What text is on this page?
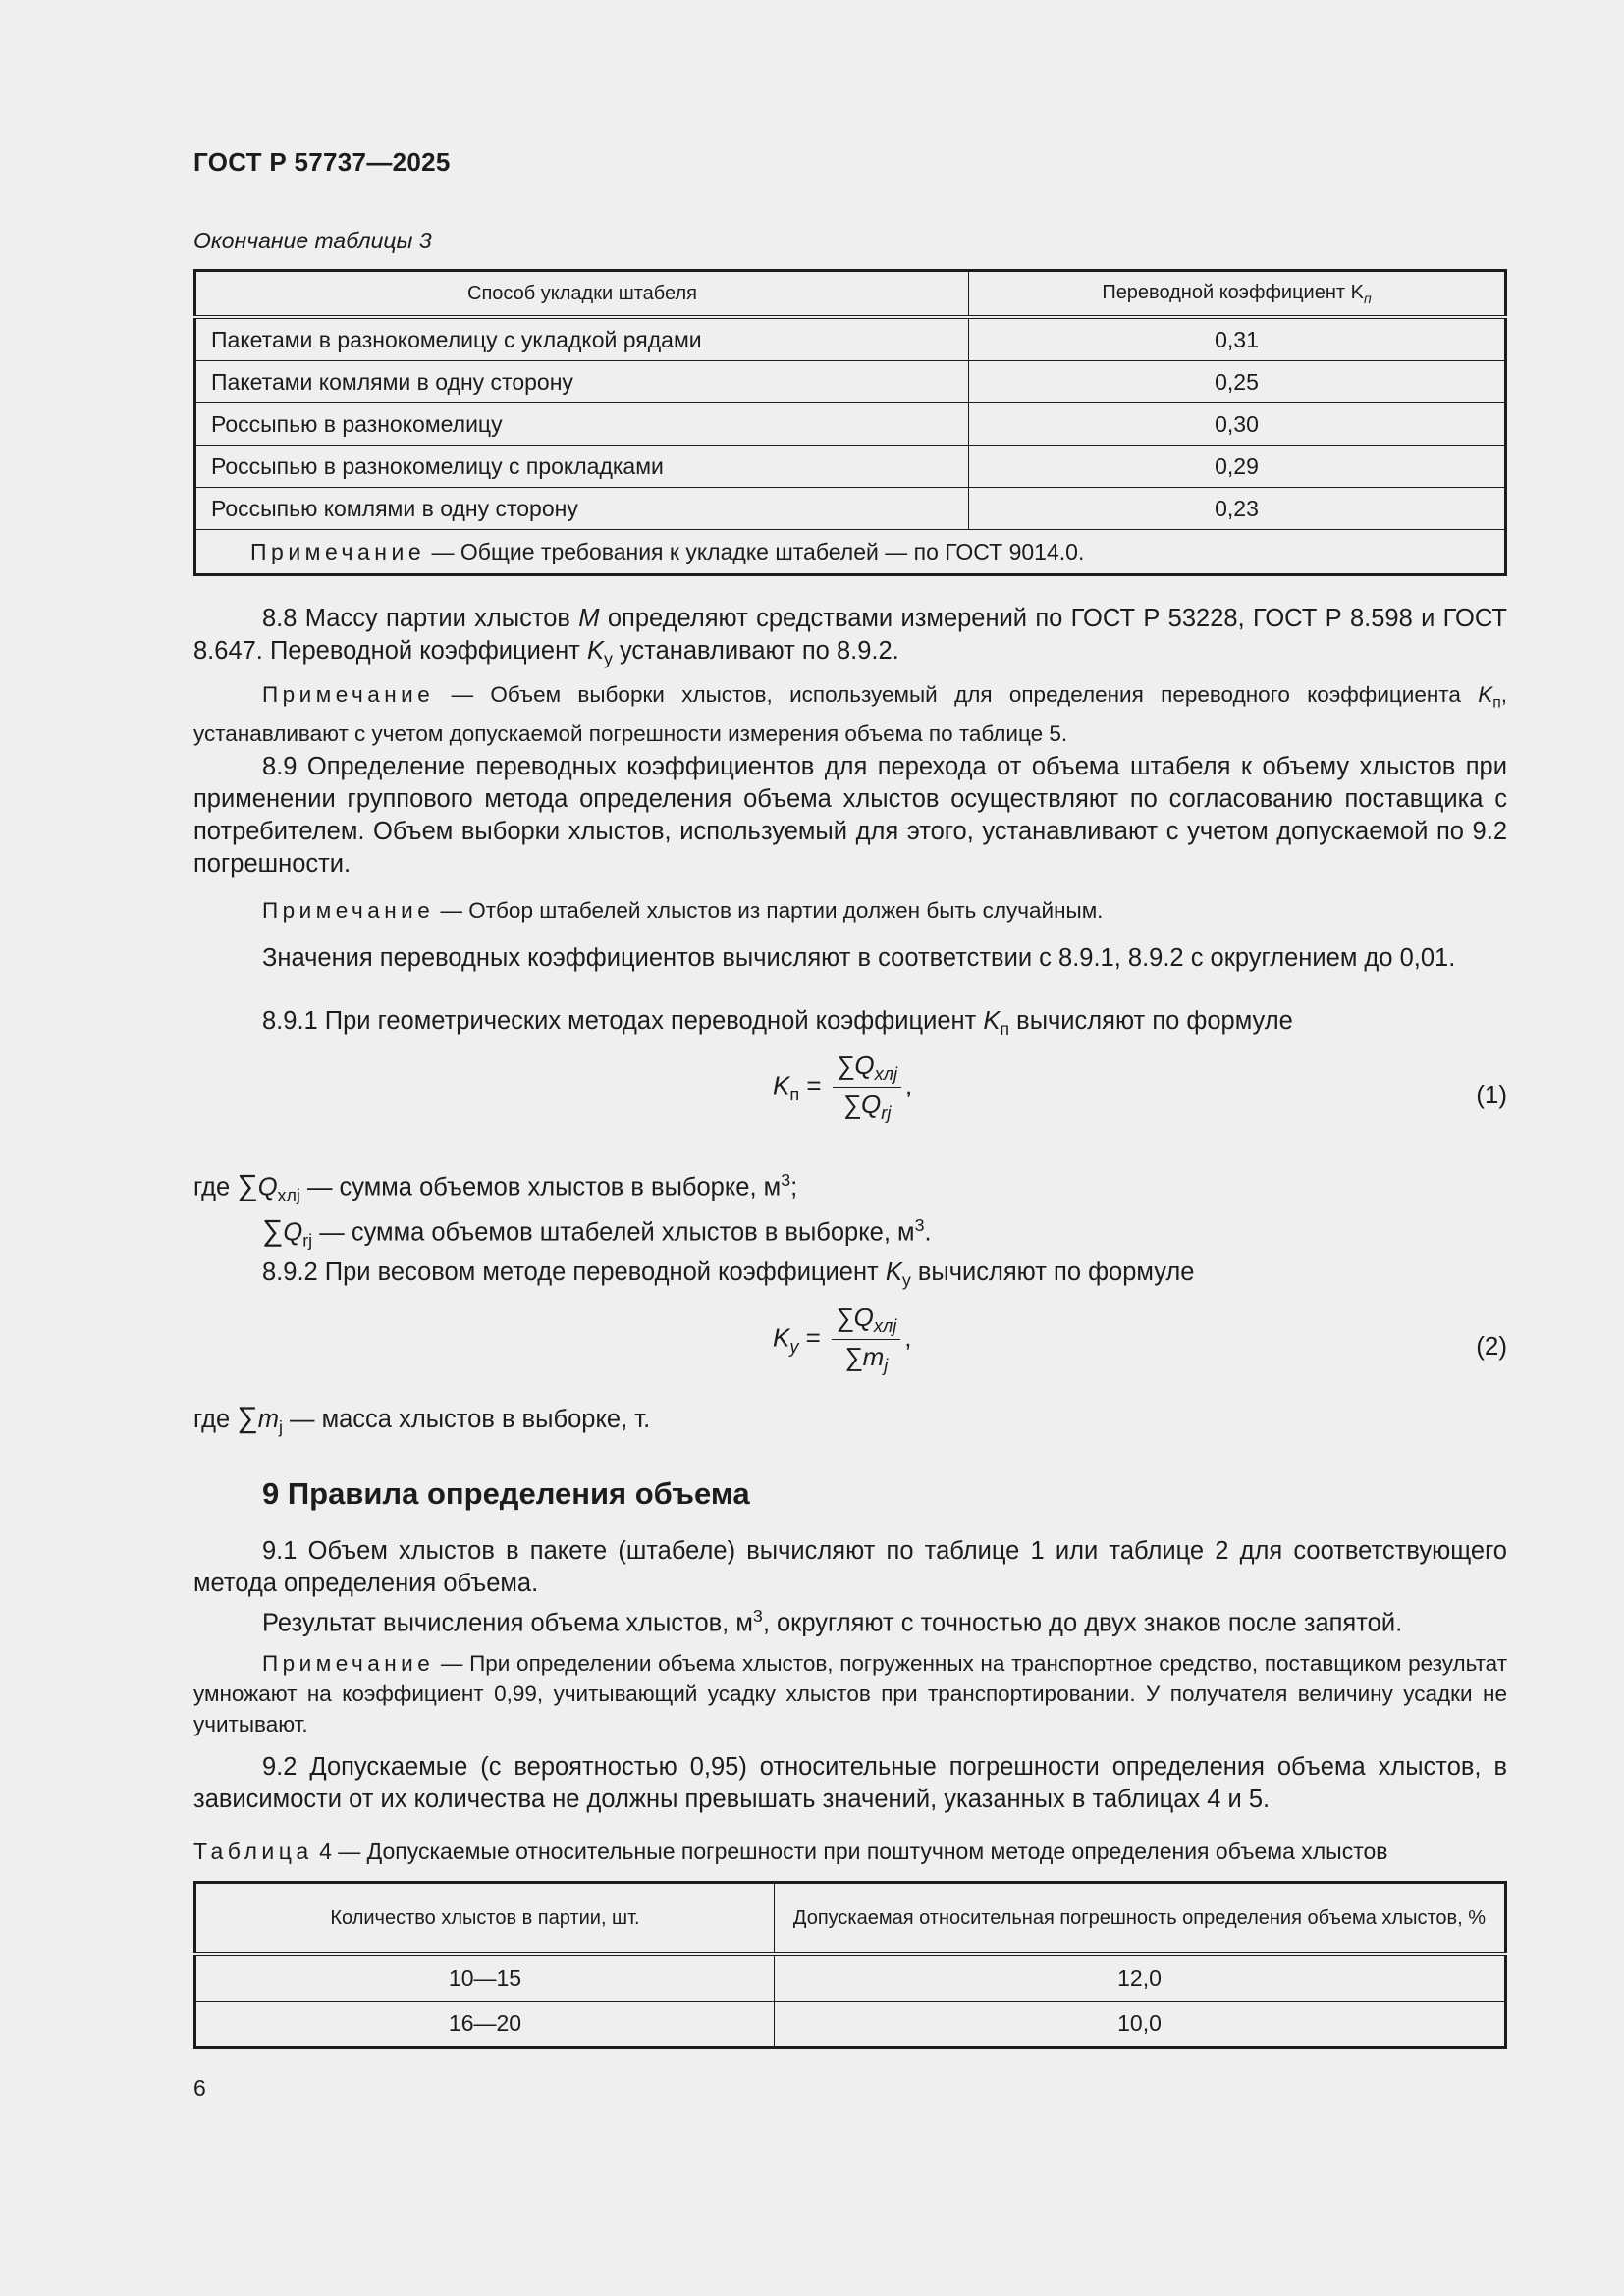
ГОСТ Р 57737—2025
Окончание таблицы 3
Способ укладки штабеля	Переводной коэффициент $K_п$
Пакетами в разнокомелицу с укладкой рядами	0,31
Пакетами комлями в одну сторону	0,25
Россыпью в разнокомелицу	0,30
Россыпью в разнокомелицу с прокладками	0,29
Россыпью комлями в одну сторону	0,23
Примечание — Общие требования к укладке штабелей — по ГОСТ 9014.0.	
8.8 Массу партии хлыстов M определяют средствами измерений по ГОСТ Р 53228, ГОСТ Р 8.598 и ГОСТ 8.647. Переводной коэффициент $K_y$ устанавливают по 8.9.2.
Примечание — Объем выборки хлыстов, используемый для определения переводного коэффициента $K_п$, устанавливают с учетом допускаемой погрешности измерения объема по таблице 5.
8.9 Определение переводных коэффициентов для перехода от объема штабеля к объему хлыстов при применении группового метода определения объема хлыстов осуществляют по согласованию поставщика с потребителем. Объем выборки хлыстов, используемый для этого, устанавливают с учетом допускаемой по 9.2 погрешности.
Примечание — Отбор штабелей хлыстов из партии должен быть случайным.
Значения переводных коэффициентов вычисляют в соответствии с 8.9.1, 8.9.2 с округлением до 0,01.
8.9.1 При геометрических методах переводной коэффициент $K_п$ вычисляют по формуле
$K_п = \frac{\sum Q_{хлj}}{\sum Q_{rj}}$ ,	(1)
где $\sum Q_{хлj}$ — сумма объемов хлыстов в выборке, $м^3$;
$\sum Q_{rj}$ — сумма объемов штабелей хлыстов в выборке, $м^3$.
8.9.2 При весовом методе переводной коэффициент $K_y$ вычисляют по формуле
$K_y = \frac{\sum Q_{хлj}}{\sum m_j}$ ,	(2)
где $\sum m_j$ — масса хлыстов в выборке, т.
9 Правила определения объема
9.1 Объем хлыстов в пакете (штабеле) вычисляют по таблице 1 или таблице 2 для соответствующего метода определения объема.
Результат вычисления объема хлыстов, $м^3$, округляют с точностью до двух знаков после запятой.
Примечание — При определении объема хлыстов, погруженных на транспортное средство, поставщиком результат умножают на коэффициент 0,99, учитывающий усадку хлыстов при транспортировании. У получателя величину усадки не учитывают.
9.2 Допускаемые (с вероятностью 0,95) относительные погрешности определения объема хлыстов, в зависимости от их количества не должны превышать значений, указанных в таблицах 4 и 5.
Таблица 4 — Допускаемые относительные погрешности при поштучном методе определения объема хлыстов
Количество хлыстов в партии, шт.	Допускаемая относительная погрешность определения объема хлыстов, %
10—15	12,0
16—20	10,0
6
